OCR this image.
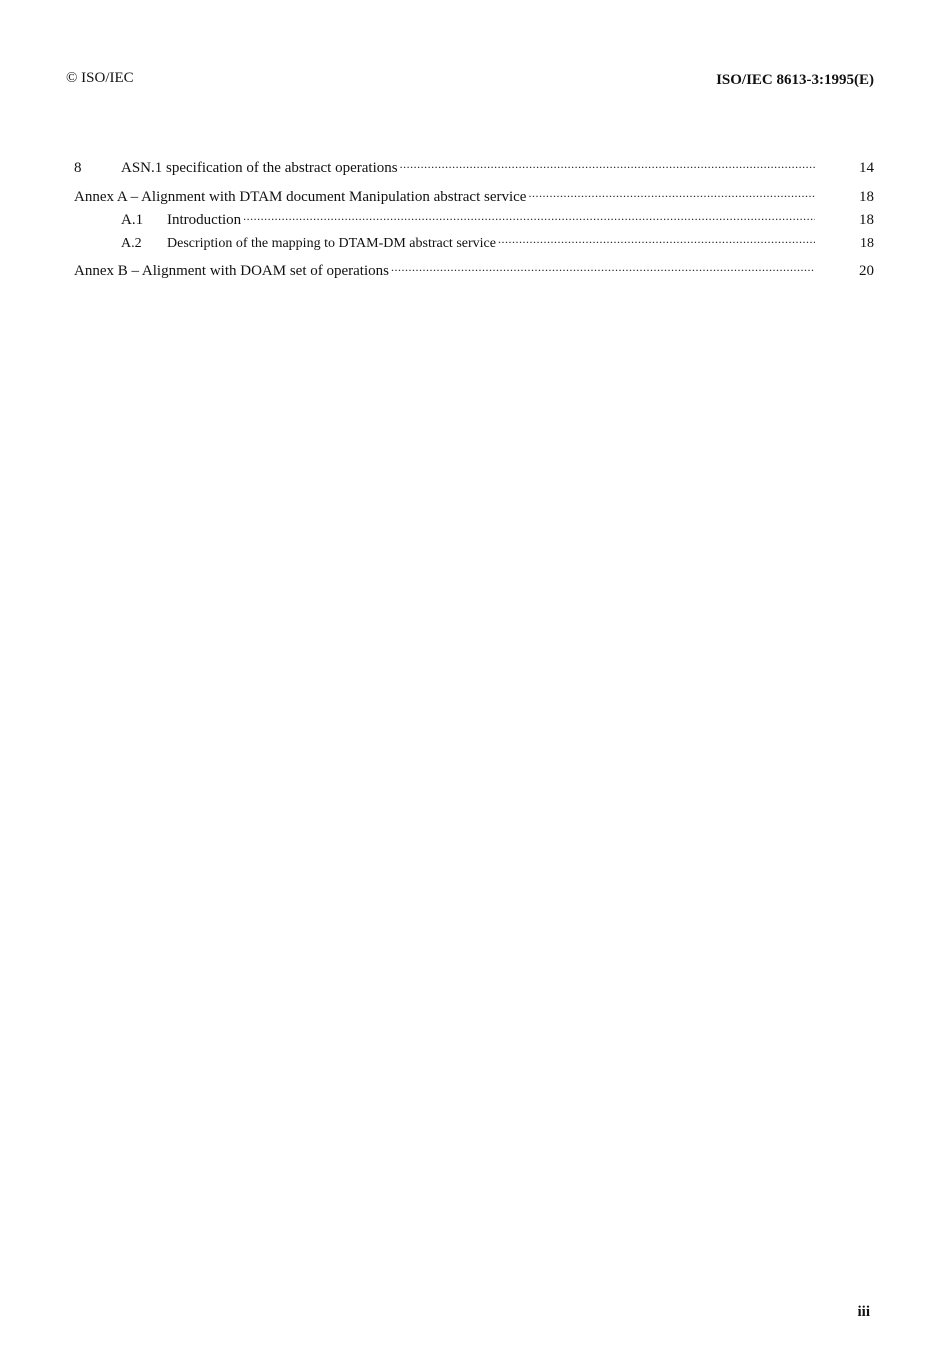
© ISO/IEC	ISO/IEC 8613-3:1995(E)
8	ASN.1 specification of the abstract operations .....	14
Annex A – Alignment with DTAM document Manipulation abstract service .....	18
A.1	Introduction .....	18
A.2	Description of the mapping to DTAM-DM abstract service .....	18
Annex B – Alignment with DOAM set of operations .....	20
iii
